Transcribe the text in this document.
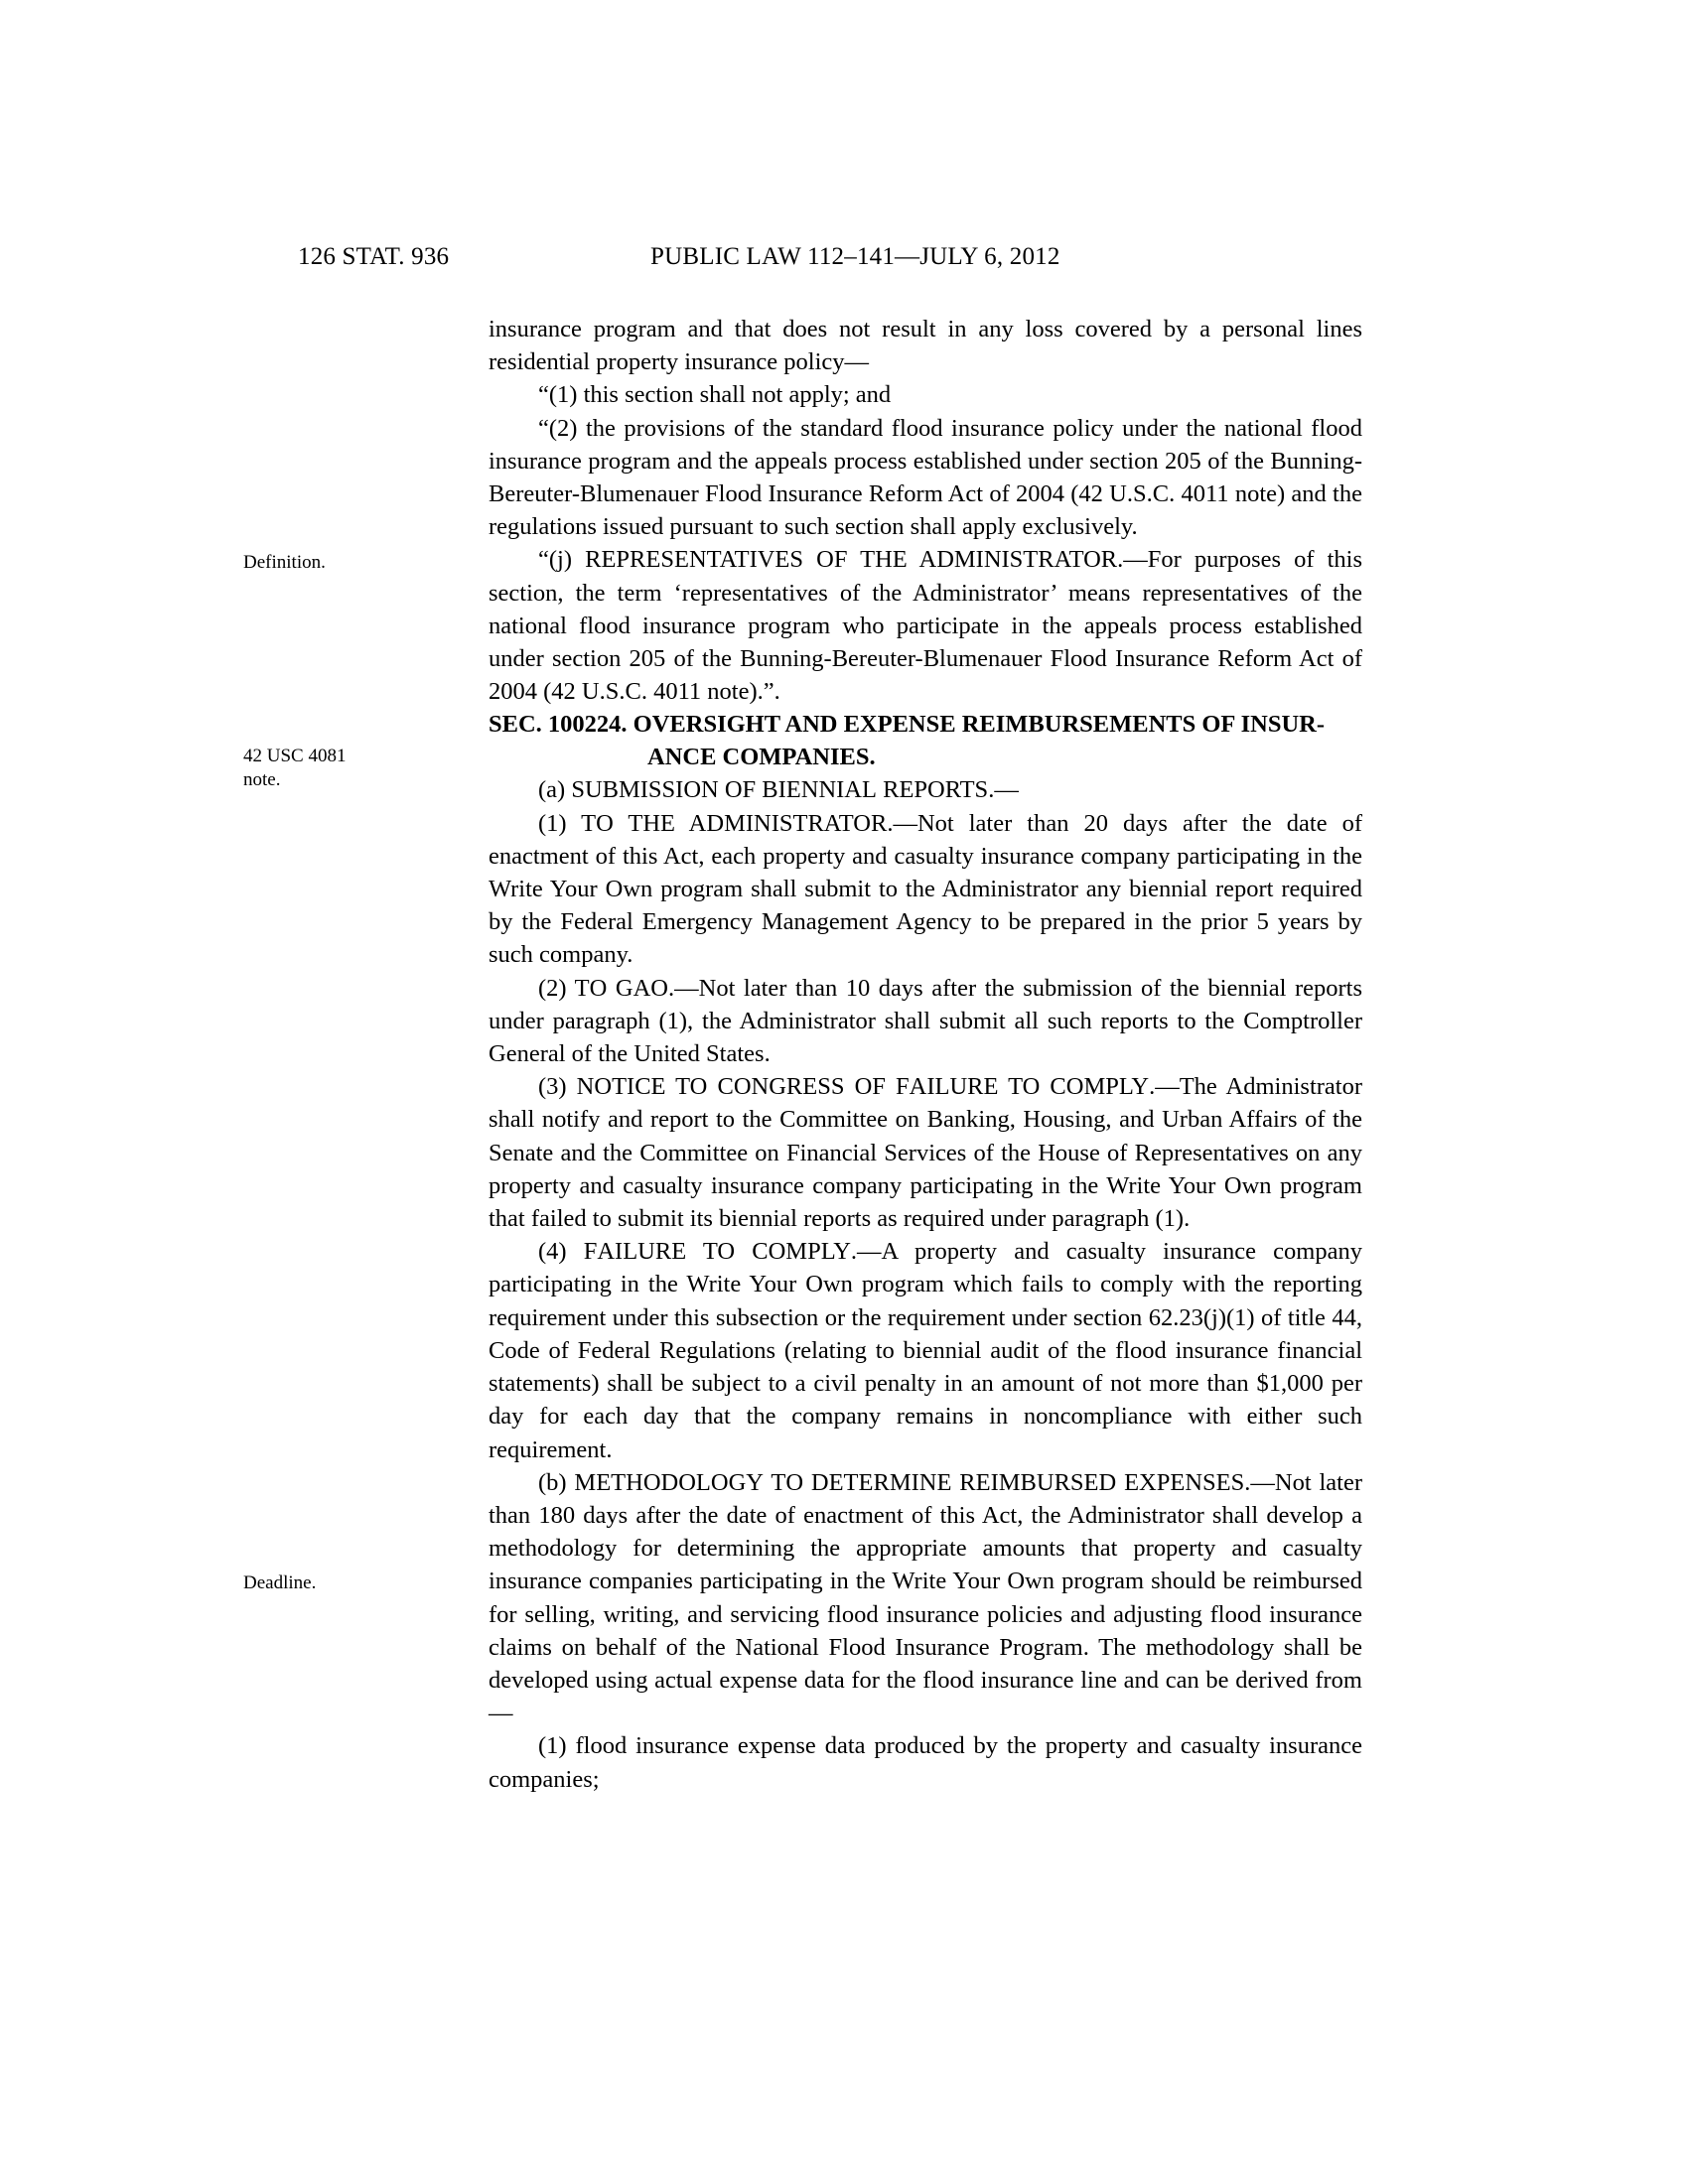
126 STAT. 936	PUBLIC LAW 112–141—JULY 6, 2012
Definition.
42 USC 4081
note.
Deadline.

insurance program and that does not result in any loss covered by a personal lines residential property insurance policy—

“(1) this section shall not apply; and

“(2) the provisions of the standard flood insurance policy under the national flood insurance program and the appeals process established under section 205 of the Bunning-Bereuter-Blumenauer Flood Insurance Reform Act of 2004 (42 U.S.C. 4011 note) and the regulations issued pursuant to such section shall apply exclusively.

“(j) REPRESENTATIVES OF THE ADMINISTRATOR.—For purposes of this section, the term ‘representatives of the Administrator’ means representatives of the national flood insurance program who participate in the appeals process established under section 205 of the Bunning-Bereuter-Blumenauer Flood Insurance Reform Act of 2004 (42 U.S.C. 4011 note).”.

SEC. 100224. OVERSIGHT AND EXPENSE REIMBURSEMENTS OF INSUR-
ANCE COMPANIES.

(a) SUBMISSION OF BIENNIAL REPORTS.—

(1) TO THE ADMINISTRATOR.—Not later than 20 days after the date of enactment of this Act, each property and casualty insurance company participating in the Write Your Own program shall submit to the Administrator any biennial report required by the Federal Emergency Management Agency to be prepared in the prior 5 years by such company.

(2) TO GAO.—Not later than 10 days after the submission of the biennial reports under paragraph (1), the Administrator shall submit all such reports to the Comptroller General of the United States.

(3) NOTICE TO CONGRESS OF FAILURE TO COMPLY.—The Administrator shall notify and report to the Committee on Banking, Housing, and Urban Affairs of the Senate and the Committee on Financial Services of the House of Representatives on any property and casualty insurance company participating in the Write Your Own program that failed to submit its biennial reports as required under paragraph (1).

(4) FAILURE TO COMPLY.—A property and casualty insurance company participating in the Write Your Own program which fails to comply with the reporting requirement under this subsection or the requirement under section 62.23(j)(1) of title 44, Code of Federal Regulations (relating to biennial audit of the flood insurance financial statements) shall be subject to a civil penalty in an amount of not more than $1,000 per day for each day that the company remains in noncompliance with either such requirement.

(b) METHODOLOGY TO DETERMINE REIMBURSED EXPENSES.—Not later than 180 days after the date of enactment of this Act, the Administrator shall develop a methodology for determining the appropriate amounts that property and casualty insurance companies participating in the Write Your Own program should be reimbursed for selling, writing, and servicing flood insurance policies and adjusting flood insurance claims on behalf of the National Flood Insurance Program. The methodology shall be developed using actual expense data for the flood insurance line and can be derived from—

(1) flood insurance expense data produced by the property and casualty insurance companies;
